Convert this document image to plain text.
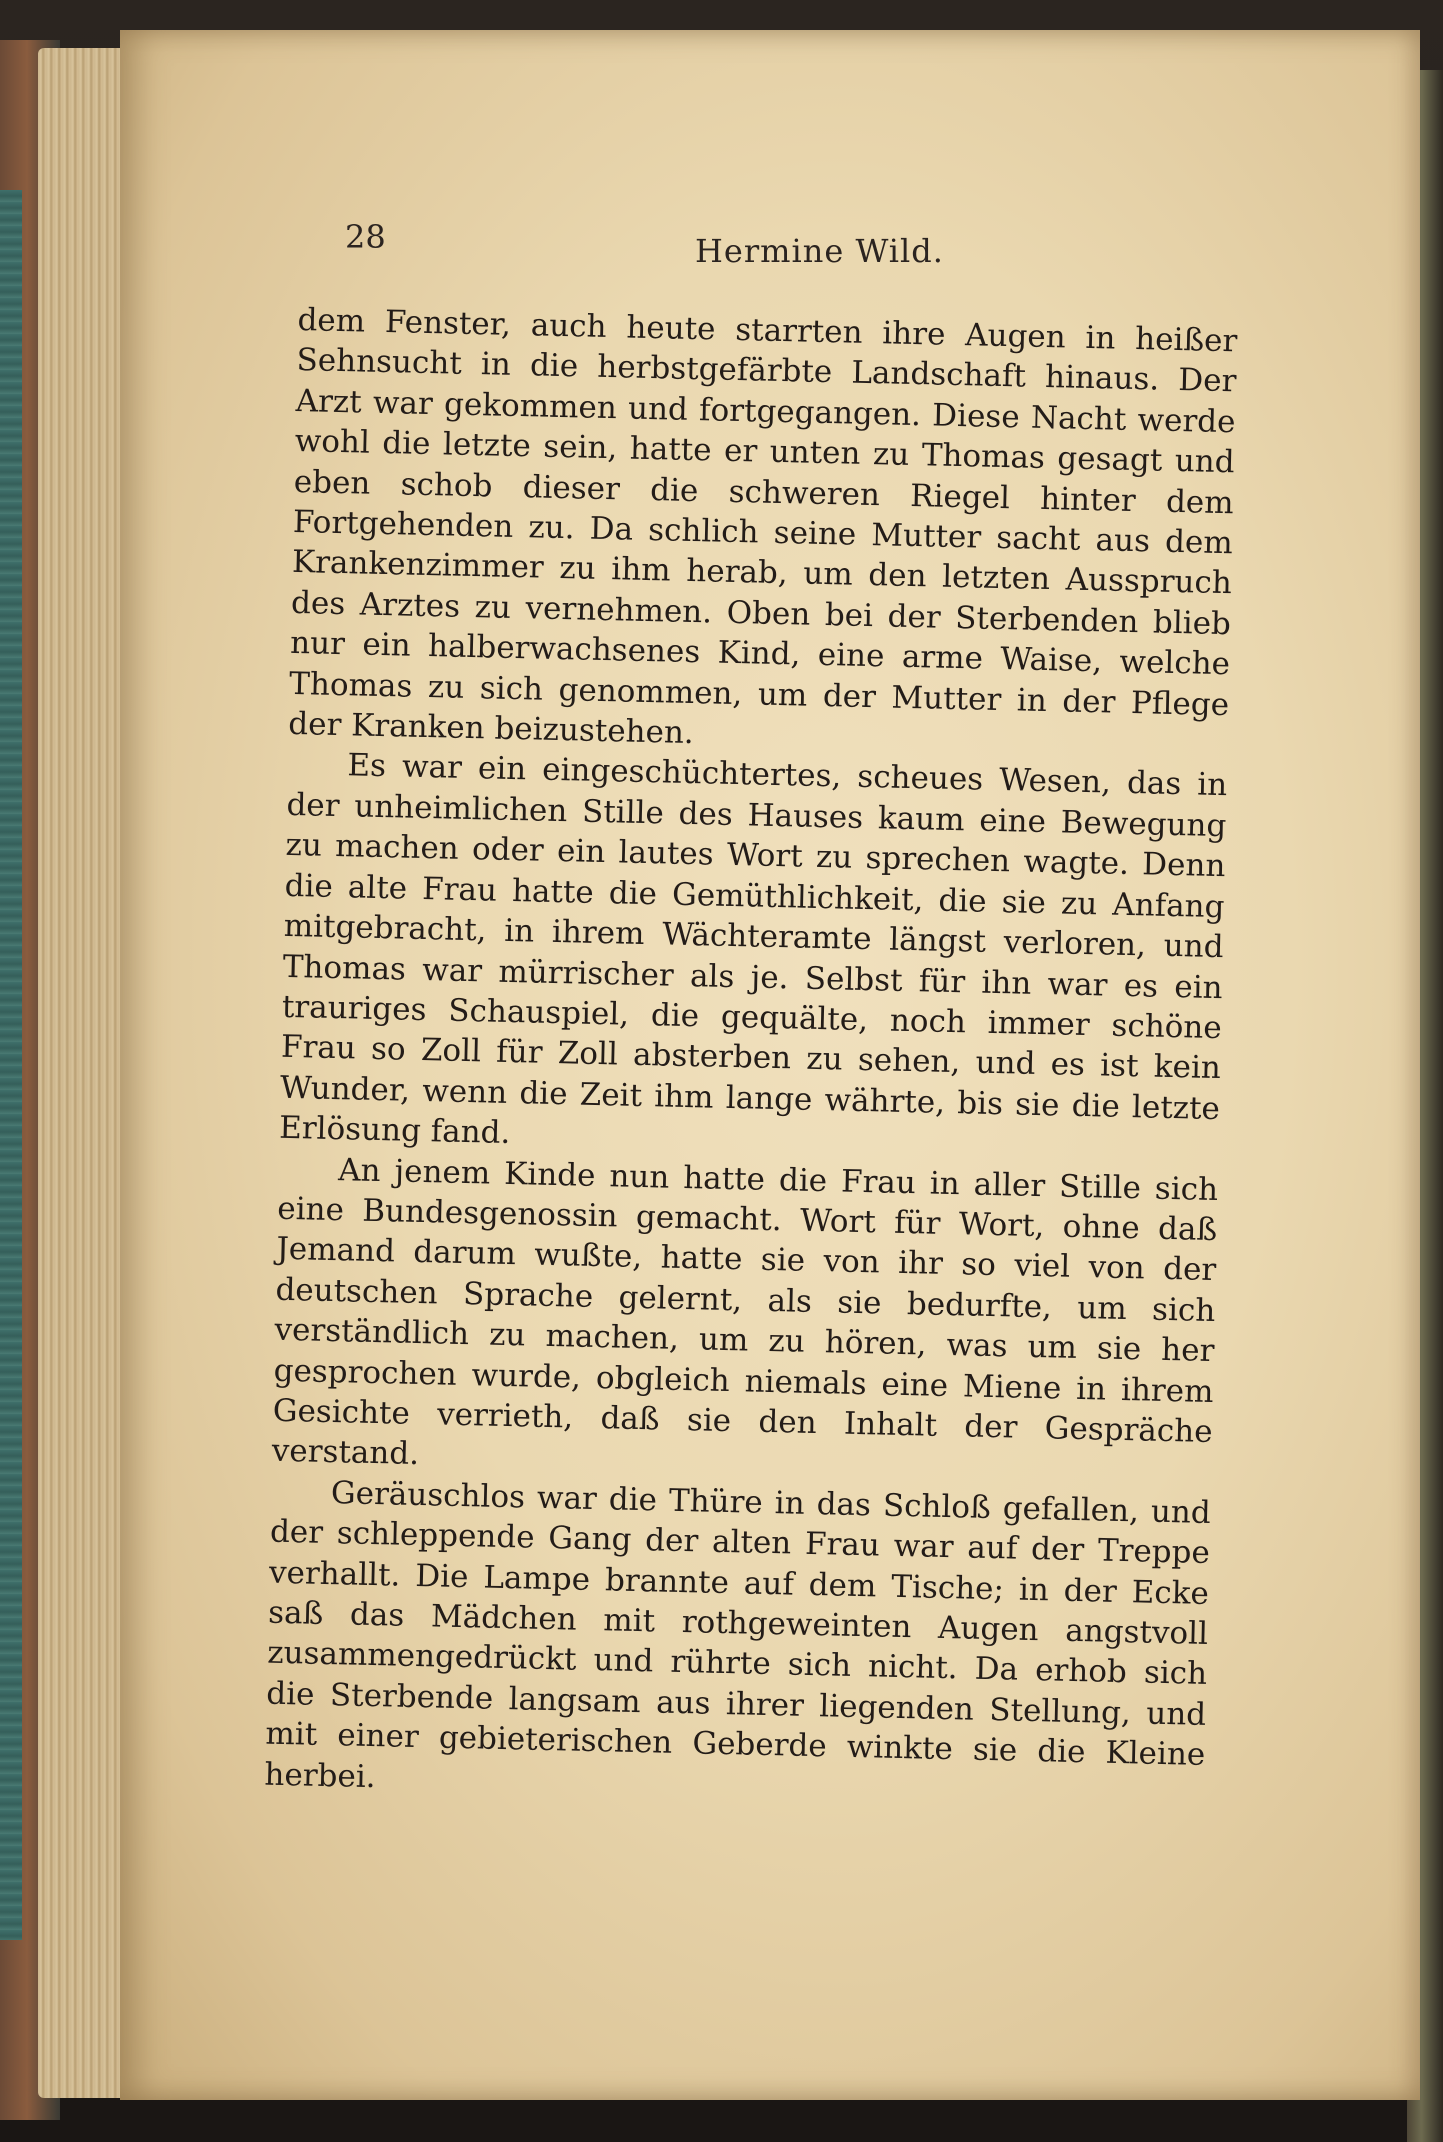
28	Hermine Wild.

dem Fenster, auch heute starrten ihre Augen in heißer Sehnsucht in die herbstgefärbte Landschaft hinaus. Der Arzt war gekommen und fortgegangen. Diese Nacht werde wohl die letzte sein, hatte er unten zu Thomas gesagt und eben schob dieser die schweren Riegel hinter dem Fortgehenden zu. Da schlich seine Mutter sacht aus dem Krankenzimmer zu ihm herab, um den letzten Ausspruch des Arztes zu vernehmen. Oben bei der Sterbenden blieb nur ein halberwachsenes Kind, eine arme Waise, welche Thomas zu sich genommen, um der Mutter in der Pflege der Kranken beizustehen.

Es war ein eingeschüchtertes, scheues Wesen, das in der unheimlichen Stille des Hauses kaum eine Bewegung zu machen oder ein lautes Wort zu sprechen wagte. Denn die alte Frau hatte die Gemüthlichkeit, die sie zu Anfang mitgebracht, in ihrem Wächteramte längst verloren, und Thomas war mürrischer als je. Selbst für ihn war es ein trauriges Schauspiel, die gequälte, noch immer schöne Frau so Zoll für Zoll absterben zu sehen, und es ist kein Wunder, wenn die Zeit ihm lange währte, bis sie die letzte Erlösung fand.

An jenem Kinde nun hatte die Frau in aller Stille sich eine Bundesgenossin gemacht. Wort für Wort, ohne daß Jemand darum wußte, hatte sie von ihr so viel von der deutschen Sprache gelernt, als sie bedurfte, um sich verständlich zu machen, um zu hören, was um sie her gesprochen wurde, obgleich niemals eine Miene in ihrem Gesichte verrieth, daß sie den Inhalt der Gespräche verstand.

Geräuschlos war die Thüre in das Schloß gefallen, und der schleppende Gang der alten Frau war auf der Treppe verhallt. Die Lampe brannte auf dem Tische; in der Ecke saß das Mädchen mit rothgeweinten Augen angstvoll zusammengedrückt und rührte sich nicht. Da erhob sich die Sterbende langsam aus ihrer liegenden Stellung, und mit einer gebieterischen Geberde winkte sie die Kleine herbei.
